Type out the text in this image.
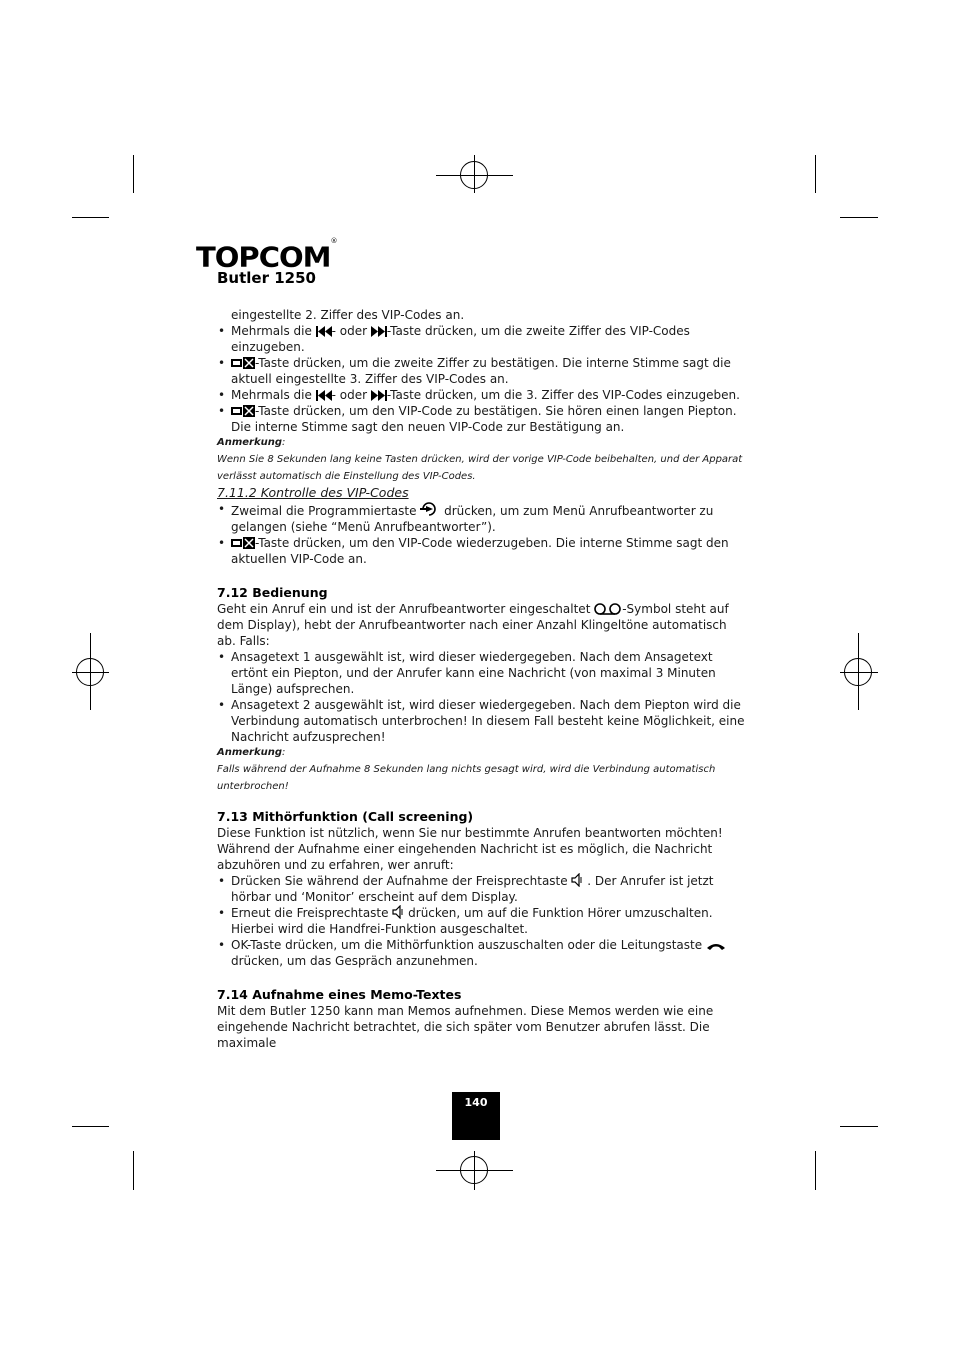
TOPCOM®
Butler 1250

eingestellte 2. Ziffer des VIP-Codes an.

• Mehrmals die - oder -Taste drücken, um die zweite Ziffer des VIP-Codes einzugeben.
• -Taste drücken, um die zweite Ziffer zu bestätigen. Die interne Stimme sagt die aktuell eingestellte 3. Ziffer des VIP-Codes an.
• Mehrmals die - oder -Taste drücken, um die 3. Ziffer des VIP-Codes einzugeben.
• -Taste drücken, um den VIP-Code zu bestätigen. Sie hören einen langen Piepton. Die interne Stimme sagt den neuen VIP-Code zur Bestätigung an.

Anmerkung:

Wenn Sie 8 Sekunden lang keine Tasten drücken, wird der vorige VIP-Code beibehalten, und der Apparat verlässt automatisch die Einstellung des VIP-Codes.

7.11.2 Kontrolle des VIP-Codes
• Zweimal die Programmiertaste  drücken, um zum Menü Anrufbeantworter zu gelangen (siehe “Menü Anrufbeantworter”).
• -Taste drücken, um den VIP-Code wiederzugeben. Die interne Stimme sagt den aktuellen VIP-Code an.
7.12 Bedienung

Geht ein Anruf ein und ist der Anrufbeantworter eingeschaltet -Symbol steht auf dem Display), hebt der Anrufbeantworter nach einer Anzahl Klingeltöne automatisch ab. Falls:

• Ansagetext 1 ausgewählt ist, wird dieser wiedergegeben. Nach dem Ansagetext ertönt ein Piepton, und der Anrufer kann eine Nachricht (von maximal 3 Minuten Länge) aufsprechen.
• Ansagetext 2 ausgewählt ist, wird dieser wiedergegeben. Nach dem Piepton wird die Verbindung automatisch unterbrochen! In diesem Fall besteht keine Möglichkeit, eine Nachricht aufzusprechen!

Anmerkung:

Falls während der Aufnahme 8 Sekunden lang nichts gesagt wird, wird die Verbindung automatisch unterbrochen!

7.13 Mithörfunktion (Call screening)

Diese Funktion ist nützlich, wenn Sie nur bestimmte Anrufen beantworten möchten!

Während der Aufnahme einer eingehenden Nachricht ist es möglich, die Nachricht abzuhören und zu erfahren, wer anruft:

• Drücken Sie während der Aufnahme der Freisprechtaste  . Der Anrufer ist jetzt hörbar und ‘Monitor’ erscheint auf dem Display.
• Erneut die Freisprechtaste  drücken, um auf die Funktion Hörer umzuschalten. Hierbei wird die Handfrei-Funktion ausgeschaltet.
• OK-Taste drücken, um die Mithörfunktion auszuschalten oder die Leitungstaste  drücken, um das Gespräch anzunehmen.
7.14 Aufnahme eines Memo-Textes

Mit dem Butler 1250 kann man Memos aufnehmen. Diese Memos werden wie eine eingehende Nachricht betrachtet, die sich später vom Benutzer abrufen lässt. Die maximale

140
